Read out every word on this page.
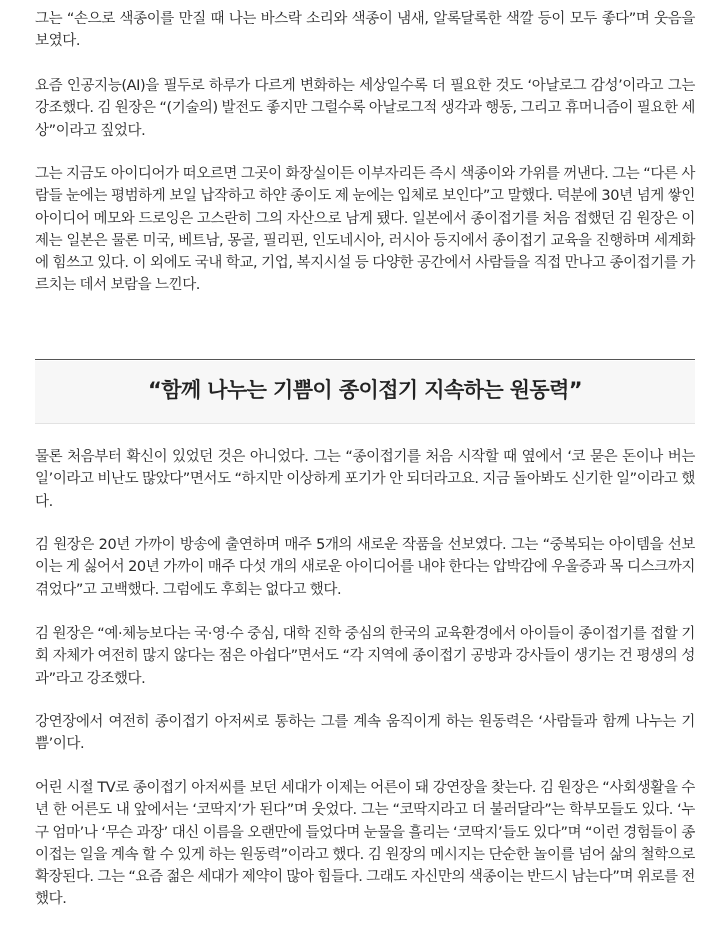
그는 “손으로 색종이를 만질 때 나는 바스락 소리와 색종이 냄새, 알록달록한 색깔 등이 모두 좋다”며 웃음을 보였다.

요즘 인공지능(AI)을 필두로 하루가 다르게 변화하는 세상일수록 더 필요한 것도 ‘아날로그 감성’이라고 그는 강조했다. 김 원장은 “(기술의) 발전도 좋지만 그럴수록 아날로그적 생각과 행동, 그리고 휴머니즘이 필요한 세상”이라고 짚었다.

그는 지금도 아이디어가 떠오르면 그곳이 화장실이든 이부자리든 즉시 색종이와 가위를 꺼낸다. 그는 “다른 사람들 눈에는 평범하게 보일 납작하고 하얀 종이도 제 눈에는 입체로 보인다”고 말했다. 덕분에 30년 넘게 쌓인 아이디어 메모와 드로잉은 고스란히 그의 자산으로 남게 됐다. 일본에서 종이접기를 처음 접했던 김 원장은 이제는 일본은 물론 미국, 베트남, 몽골, 필리핀, 인도네시아, 러시아 등지에서 종이접기 교육을 진행하며 세계화에 힘쓰고 있다. 이 외에도 국내 학교, 기업, 복지시설 등 다양한 공간에서 사람들을 직접 만나고 종이접기를 가르치는 데서 보람을 느낀다.

“함께 나누는 기쁨이 종이접기 지속하는 원동력”

물론 처음부터 확신이 있었던 것은 아니었다. 그는 “종이접기를 처음 시작할 때 옆에서 ‘코 묻은 돈이나 버는 일’이라고 비난도 많았다”면서도 “하지만 이상하게 포기가 안 되더라고요. 지금 돌아봐도 신기한 일”이라고 했다.

김 원장은 20년 가까이 방송에 출연하며 매주 5개의 새로운 작품을 선보였다. 그는 “중복되는 아이템을 선보이는 게 싫어서 20년 가까이 매주 다섯 개의 새로운 아이디어를 내야 한다는 압박감에 우울증과 목 디스크까지 겪었다”고 고백했다. 그럼에도 후회는 없다고 했다.

김 원장은 “예·체능보다는 국·영·수 중심, 대학 진학 중심의 한국의 교육환경에서 아이들이 종이접기를 접할 기회 자체가 여전히 많지 않다는 점은 아쉽다”면서도 “각 지역에 종이접기 공방과 강사들이 생기는 건 평생의 성과”라고 강조했다.

강연장에서 여전히 종이접기 아저씨로 통하는 그를 계속 움직이게 하는 원동력은 ‘사람들과 함께 나누는 기쁨’이다.

어린 시절 TV로 종이접기 아저씨를 보던 세대가 이제는 어른이 돼 강연장을 찾는다. 김 원장은 “사회생활을 수년 한 어른도 내 앞에서는 ‘코딱지’가 된다”며 웃었다. 그는 “코딱지라고 더 불러달라”는 학부모들도 있다. ‘누구 엄마’나 ‘무슨 과장’ 대신 이름을 오랜만에 들었다며 눈물을 흘리는 ‘코딱지’들도 있다”며 “이런 경험들이 종이접는 일을 계속 할 수 있게 하는 원동력”이라고 했다. 김 원장의 메시지는 단순한 놀이를 넘어 삶의 철학으로 확장된다. 그는 “요즘 젊은 세대가 제약이 많아 힘들다. 그래도 자신만의 색종이는 반드시 남는다”며 위로를 전했다.
